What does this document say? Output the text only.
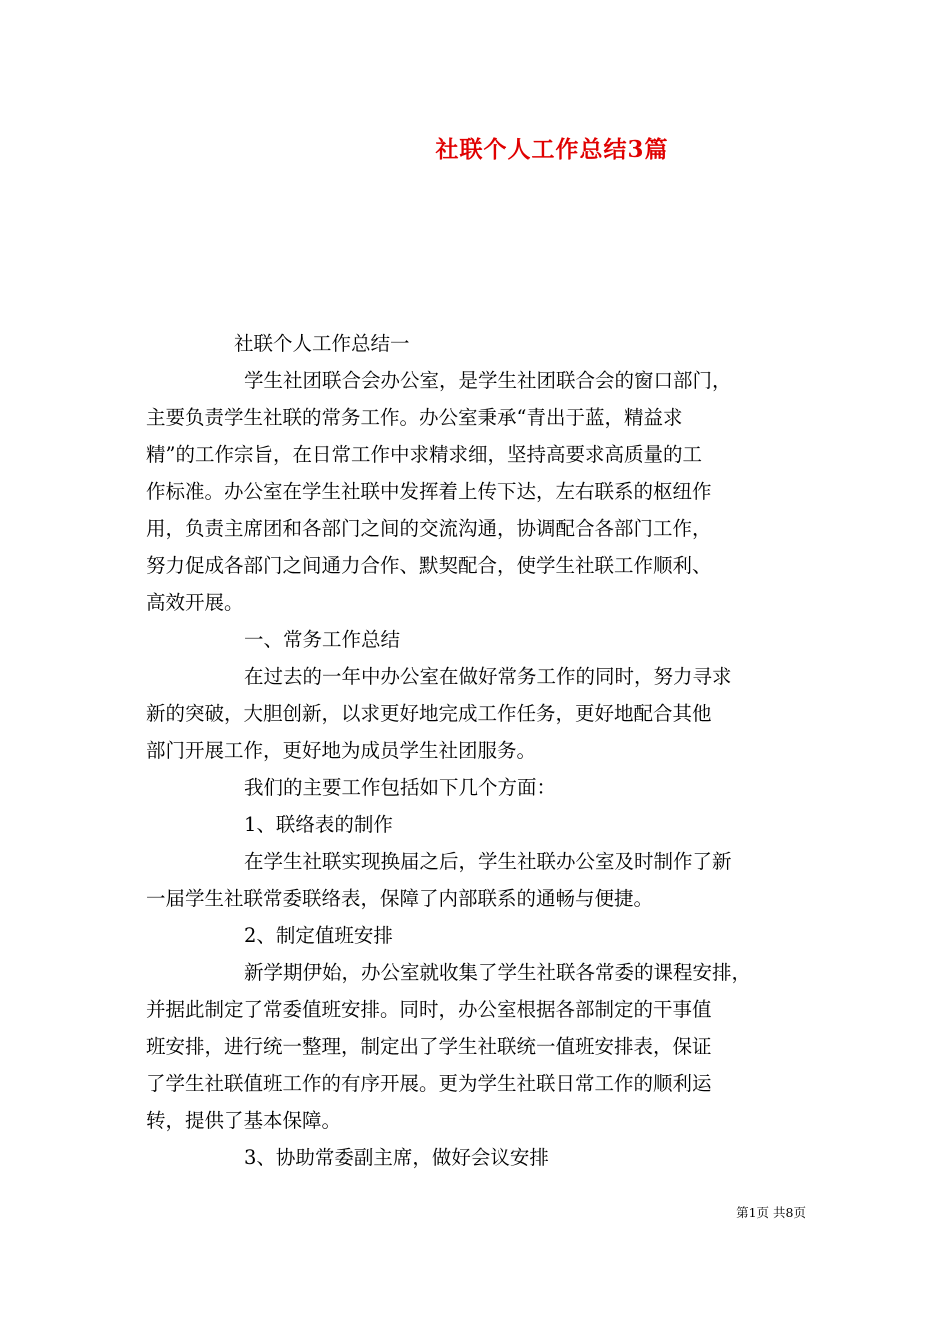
社联个人工作总结3篇
社联个人工作总结一
学生社团联合会办公室，是学生社团联合会的窗口部门，
主要负责学生社联的常务工作。办公室秉承“青出于蓝，精益求
精”的工作宗旨，在日常工作中求精求细，坚持高要求高质量的工
作标准。办公室在学生社联中发挥着上传下达，左右联系的枢纽作
用，负责主席团和各部门之间的交流沟通，协调配合各部门工作，
努力促成各部门之间通力合作、默契配合，使学生社联工作顺利、
高效开展。
一、常务工作总结
在过去的一年中办公室在做好常务工作的同时，努力寻求
新的突破，大胆创新，以求更好地完成工作任务，更好地配合其他
部门开展工作，更好地为成员学生社团服务。
我们的主要工作包括如下几个方面：
1、联络表的制作
在学生社联实现换届之后，学生社联办公室及时制作了新
一届学生社联常委联络表，保障了内部联系的通畅与便捷。
2、制定值班安排
新学期伊始，办公室就收集了学生社联各常委的课程安排，
并据此制定了常委值班安排。同时，办公室根据各部制定的干事值
班安排，进行统一整理，制定出了学生社联统一值班安排表，保证
了学生社联值班工作的有序开展。更为学生社联日常工作的顺利运
转，提供了基本保障。
3、协助常委副主席，做好会议安排
第1页 共8页
